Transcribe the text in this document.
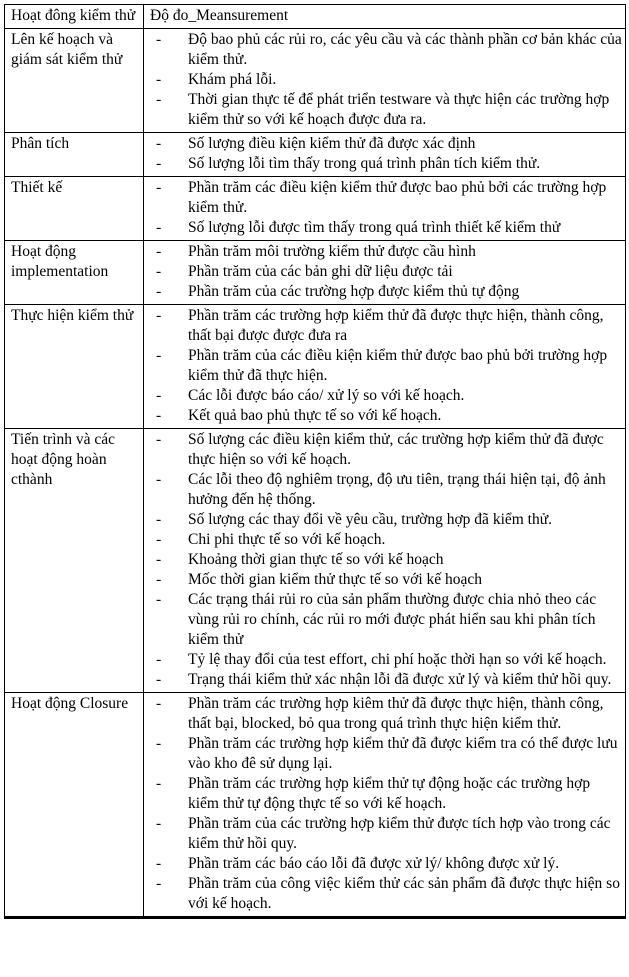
Hoạt đông kiểm thử	Độ đo_Meansurement
Lên kế hoạch và giám sát kiểm thử	
-	Độ bao phủ các rủi ro, các yêu cầu và các thành phần cơ bản khác của kiểm thử.
-	Khám phá lỗi.
-	Thời gian thực tế để phát triển testware và thực hiện các trường hợp kiểm thử so với kế hoạch được đưa ra.

Phân tích	- Số lượng điều kiện kiểm thử đã được xác định
- Số lượng lỗi tìm thấy trong quá trình phân tích kiểm thử.

Thiết kế	- Phần trăm các điều kiện kiểm thử được bao phủ bởi các trường hợp kiểm thử.
- Số lượng lỗi được tìm thấy trong quá trình thiết kế kiểm thử

Hoạt động implementation	
-	Phần trăm môi trường kiểm thử được cầu hình
-	Phần trăm của các bản ghi dữ liệu được tải
-	Phần trăm của các trường hợp được kiểm thủ tự động

Thực hiện kiểm thử	-	Phần trăm các trường hợp kiểm thử đã được thực hiện, thành công, thất bại được được đưa ra
-	Phần trăm của các điều kiện kiểm thử được bao phủ bởi trường hợp kiểm thử đã thực hiện.
-	Các lỗi được báo cáo/ xử lý so với kế hoạch.
-	Kết quả bao phủ thực tế so với kế hoạch.

Tiến trình và các hoạt động hoàn cthành	
-	Số lượng các điều kiện kiểm thử, các trường hợp kiểm thử đã được thực hiện so với kế hoạch.
-	Các lỗi theo độ nghiêm trọng, độ ưu tiên, trạng thái hiện tại, độ ảnh hưởng đến hệ thống.
-	Số lượng các thay đổi về yêu cầu, trường hợp đã kiểm thử.
-	Chi phi thực tế so với kế hoạch.
-	Khoảng thời gian thực tế so với kế hoạch
-	Mốc thời gian kiểm thử thực tế so với kế hoạch
-	Các trạng thái rủi ro của sản phẩm thường được chia nhỏ theo các vùng rủi ro chính, các rủi ro mới được phát hiển sau khi phân tích kiểm thử
-	Tỷ lệ thay đổi của test effort, chi phí hoặc thời hạn so với kế hoạch.
-	Trạng thái kiểm thử xác nhận lỗi đã được xử lý và kiểm thử hồi quy.

Hoạt động Closure	-	Phần trăm các trường hợp kiêm thử đã được thực hiện, thành công, thất bại, blocked, bỏ qua trong quá trình thực hiện kiểm thử.
-	Phần trăm các trường hợp kiểm thử đã được kiểm tra có thể được lưu vào kho đê sử dụng lại.
-	Phần trăm các trường hợp kiểm thử tự động hoặc các trường hợp kiểm thử tự động thực tế so với kế hoạch.
-	Phần trăm của các trường hợp kiểm thử được tích hợp vào trong các kiểm thử hồi quy.
-	Phần trăm các báo cáo lỗi đã được xử lý/ không được xử lý.
-	Phần trăm của công việc kiểm thử các sản phẩm đã được thực hiện so với kế hoạch.
